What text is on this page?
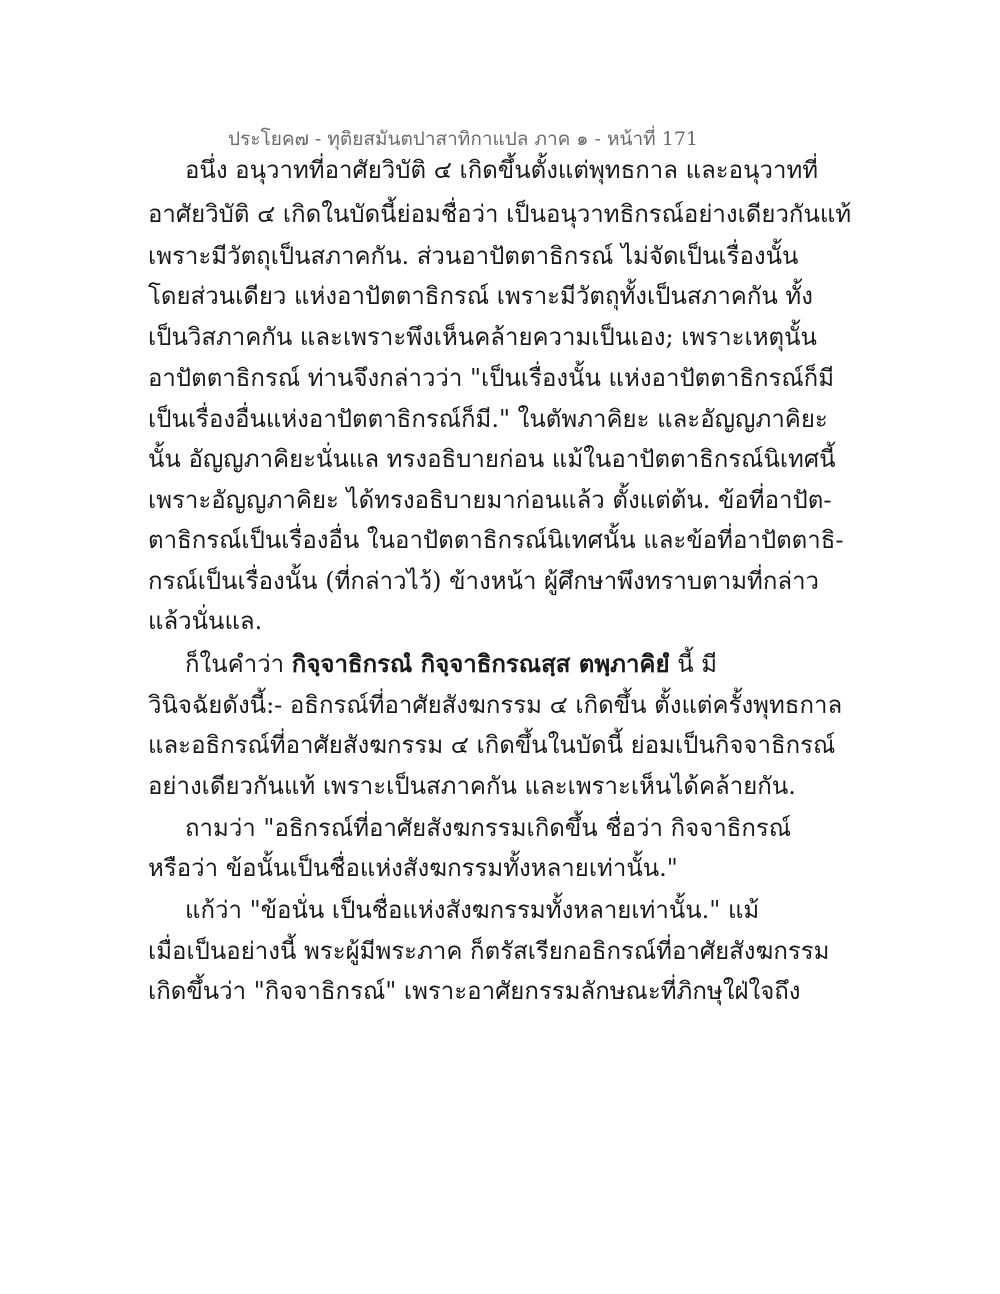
ประโยค๗ - ทุติยสมันตปาสาทิกาแปล ภาค ๑ - หน้าที่ 171
อนึ่ง อนุวาทที่อาศัยวิบัติ ๔ เกิดขึ้นตั้งแต่พุทธกาล และอนุวาทที่
อาศัยวิบัติ ๔ เกิดในบัดนี้ย่อมชื่อว่า เป็นอนุวาทธิกรณ์อย่างเดียวกันแท้
เพราะมีวัตถุเป็นสภาคกัน. ส่วนอาปัตตาธิกรณ์ ไม่จัดเป็นเรื่องนั้น
โดยส่วนเดียว แห่งอาปัตตาธิกรณ์ เพราะมีวัตถุทั้งเป็นสภาคกัน ทั้ง
เป็นวิสภาคกัน และเพราะพึงเห็นคล้ายความเป็นเอง; เพราะเหตุนั้น
อาปัตตาธิกรณ์ ท่านจึงกล่าวว่า "เป็นเรื่องนั้น แห่งอาปัตตาธิกรณ์ก็มี
เป็นเรื่องอื่นแห่งอาปัตตาธิกรณ์ก็มี." ในตัพภาคิยะ และอัญญภาคิยะ
นั้น อัญญภาคิยะนั่นแล ทรงอธิบายก่อน แม้ในอาปัตตาธิกรณ์นิเทศนี้
เพราะอัญญภาคิยะ ได้ทรงอธิบายมาก่อนแล้ว ตั้งแต่ต้น. ข้อที่อาปัต-
ตาธิกรณ์เป็นเรื่องอื่น ในอาปัตตาธิกรณ์นิเทศนั้น และข้อที่อาปัตตาธิ-
กรณ์เป็นเรื่องนั้น (ที่กล่าวไว้) ข้างหน้า ผู้ศึกษาพึงทราบตามที่กล่าว
แล้วนั่นแล.
ก็ในคำว่า กิจฺจาธิกรณํ กิจฺจาธิกรณสฺส ตพฺภาคิยํ นี้ มี
วินิจฉัยดังนี้:- อธิกรณ์ที่อาศัยสังฆกรรม ๔ เกิดขึ้น ตั้งแต่ครั้งพุทธกาล
และอธิกรณ์ที่อาศัยสังฆกรรม ๔ เกิดขึ้นในบัดนี้ ย่อมเป็นกิจจาธิกรณ์
อย่างเดียวกันแท้ เพราะเป็นสภาคกัน และเพราะเห็นได้คล้ายกัน.
ถามว่า "อธิกรณ์ที่อาศัยสังฆกรรมเกิดขึ้น ชื่อว่า กิจจาธิกรณ์
หรือว่า ข้อนั้นเป็นชื่อแห่งสังฆกรรมทั้งหลายเท่านั้น."
แก้ว่า "ข้อนั่น เป็นชื่อแห่งสังฆกรรมทั้งหลายเท่านั้น." แม้
เมื่อเป็นอย่างนี้ พระผู้มีพระภาค ก็ตรัสเรียกอธิกรณ์ที่อาศัยสังฆกรรม
เกิดขึ้นว่า "กิจจาธิกรณ์" เพราะอาศัยกรรมลักษณะที่ภิกษุใฝ่ใจถึง
